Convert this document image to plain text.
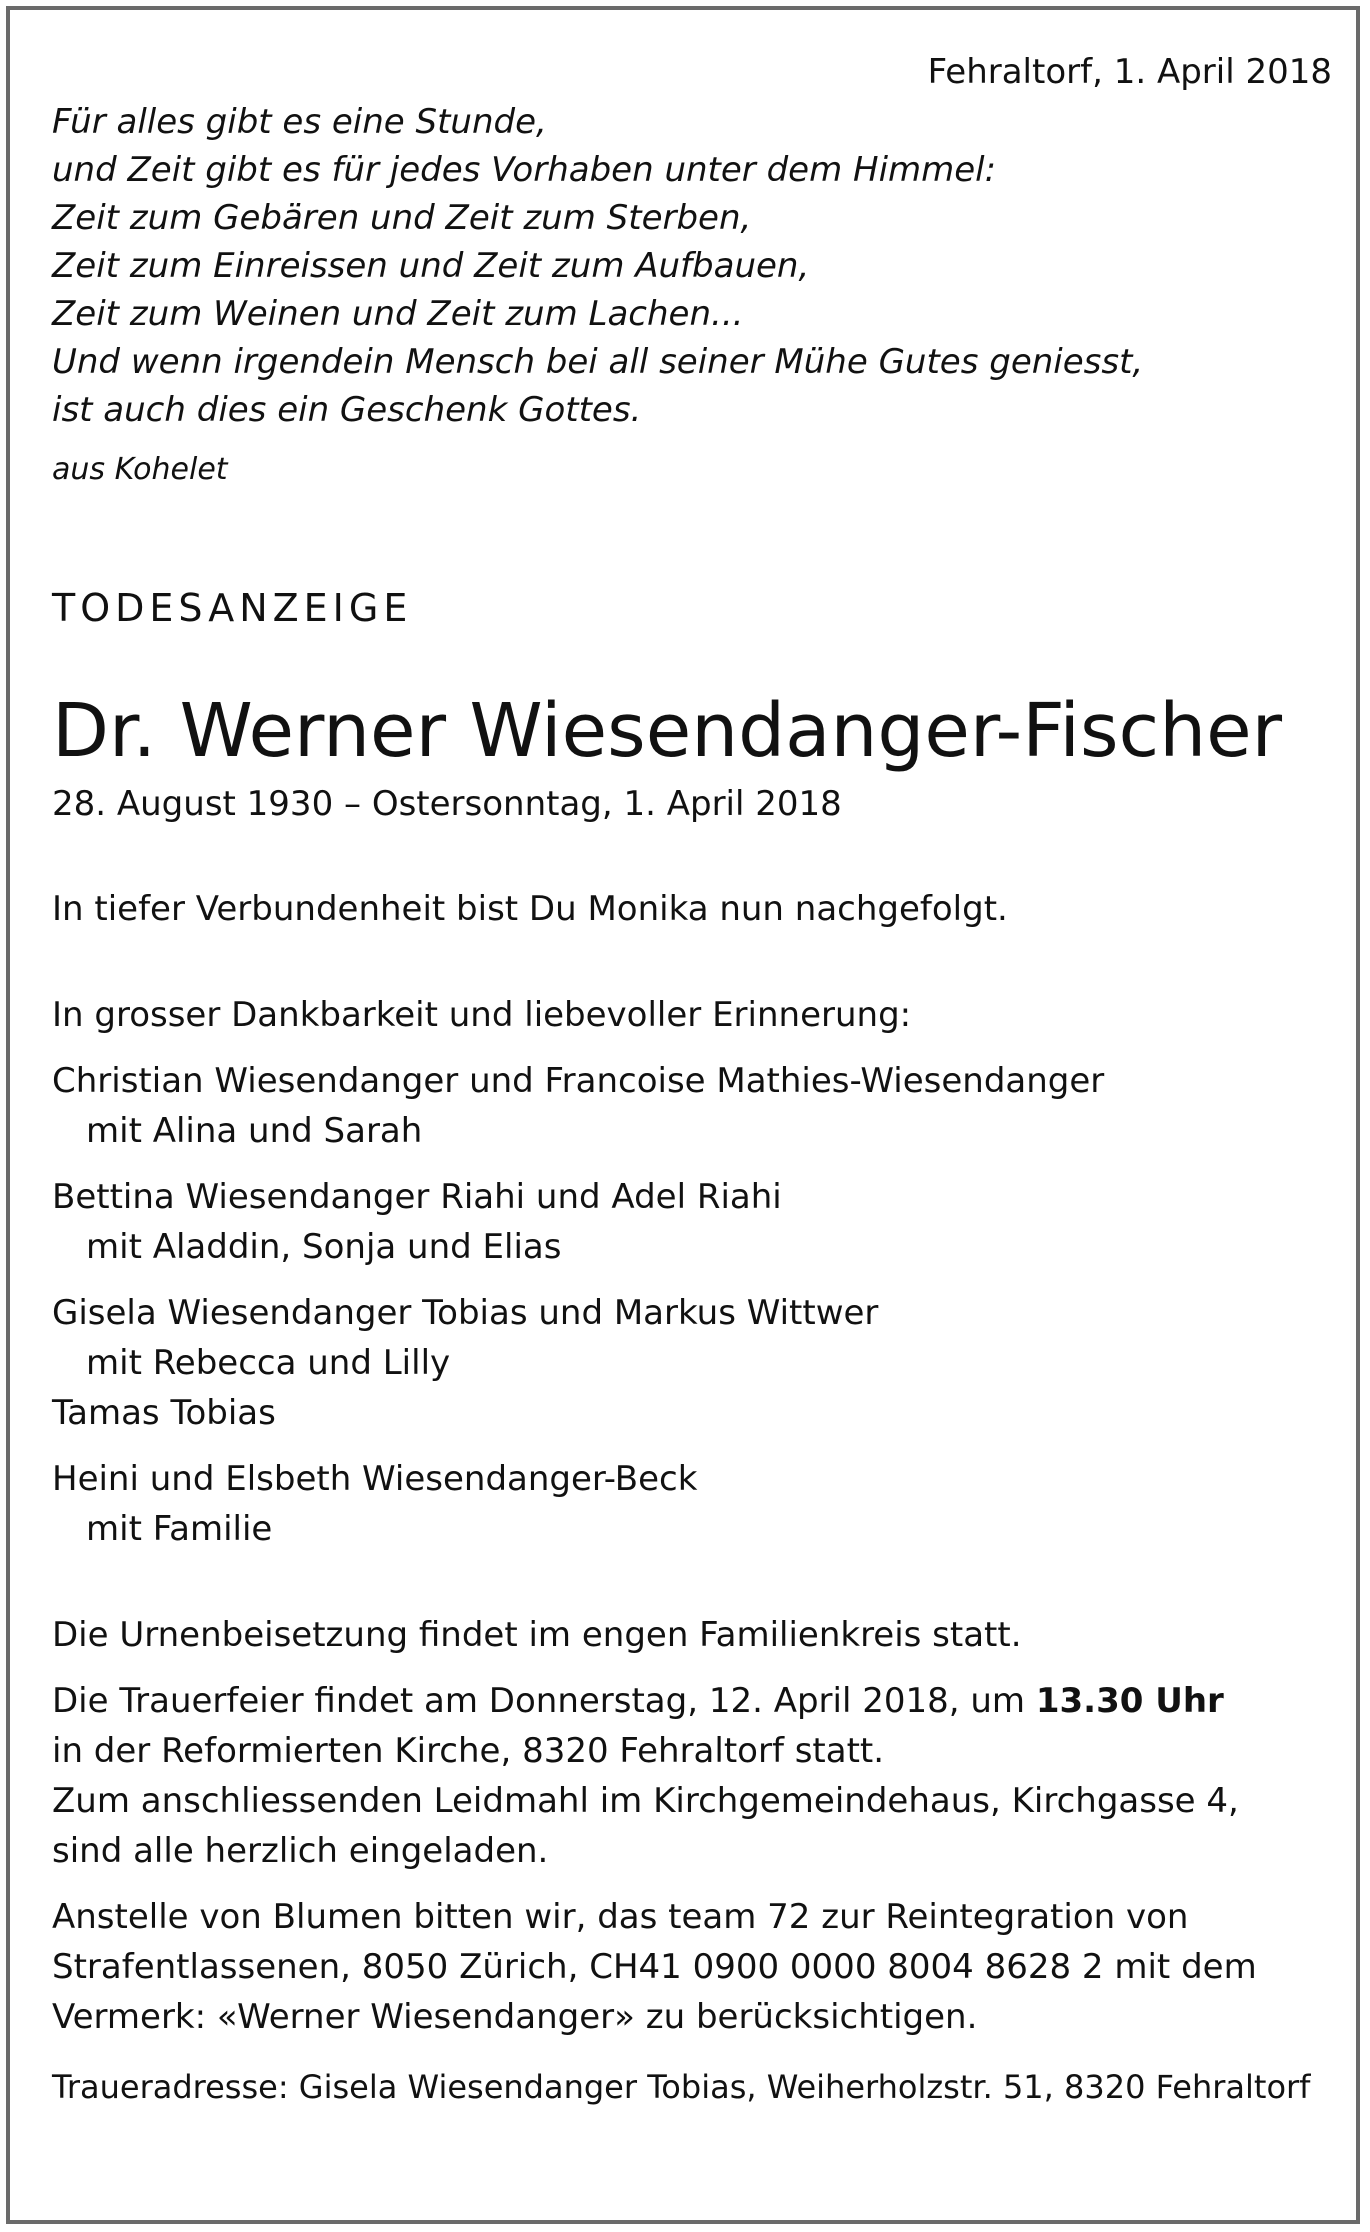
Fehraltorf, 1. April 2018
Für alles gibt es eine Stunde,
und Zeit gibt es für jedes Vorhaben unter dem Himmel:
Zeit zum Gebären und Zeit zum Sterben,
Zeit zum Einreissen und Zeit zum Aufbauen,
Zeit zum Weinen und Zeit zum Lachen...
Und wenn irgendein Mensch bei all seiner Mühe Gutes geniesst,
ist auch dies ein Geschenk Gottes.
aus Kohelet
TODESANZEIGE
Dr. Werner Wiesendanger-Fischer
28. August 1930 – Ostersonntag, 1. April 2018
In tiefer Verbundenheit bist Du Monika nun nachgefolgt.
In grosser Dankbarkeit und liebevoller Erinnerung:
Christian Wiesendanger und Francoise Mathies-Wiesendanger
mit Alina und Sarah
Bettina Wiesendanger Riahi und Adel Riahi
mit Aladdin, Sonja und Elias
Gisela Wiesendanger Tobias und Markus Wittwer
mit Rebecca und Lilly
Tamas Tobias
Heini und Elsbeth Wiesendanger-Beck
mit Familie
Die Urnenbeisetzung findet im engen Familienkreis statt.
Die Trauerfeier findet am Donnerstag, 12. April 2018, um 13.30 Uhr
in der Reformierten Kirche, 8320 Fehraltorf statt.
Zum anschliessenden Leidmahl im Kirchgemeindehaus, Kirchgasse 4,
sind alle herzlich eingeladen.
Anstelle von Blumen bitten wir, das team 72 zur Reintegration von
Strafentlassenen, 8050 Zürich, CH41 0900 0000 8004 8628 2 mit dem
Vermerk: «Werner Wiesendanger» zu berücksichtigen.
Traueradresse: Gisela Wiesendanger Tobias, Weiherholzstr. 51, 8320 Fehraltorf
